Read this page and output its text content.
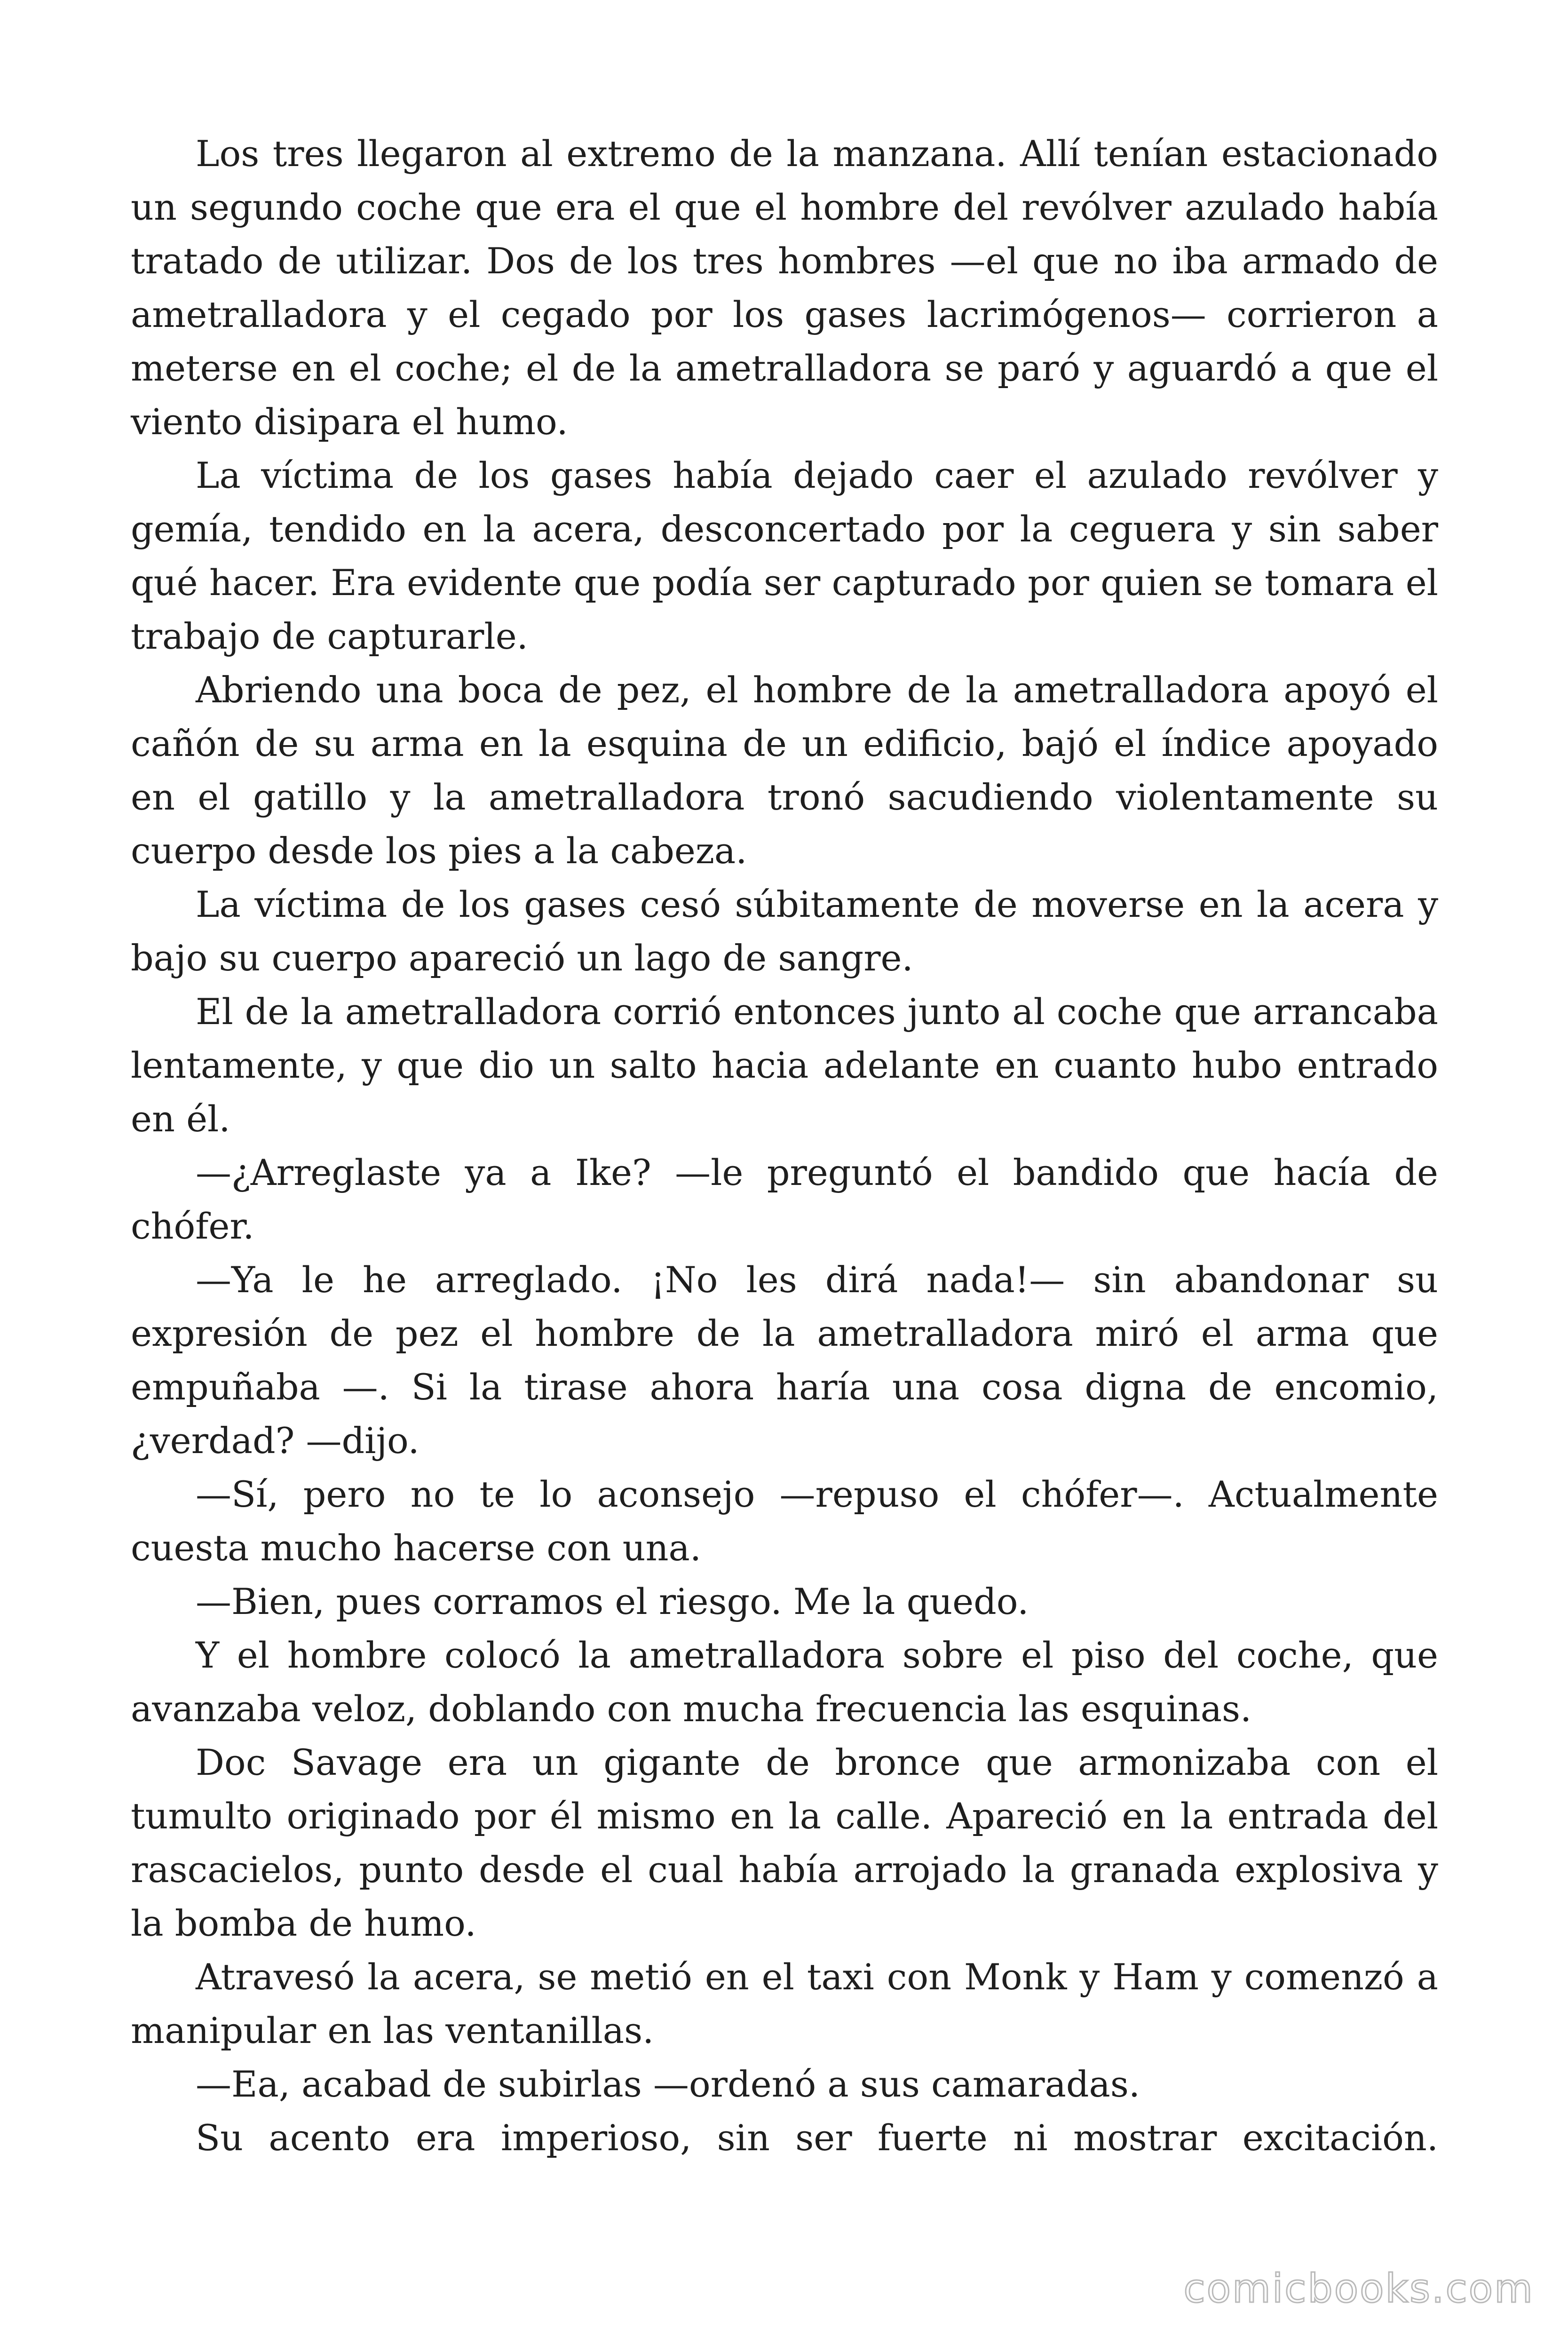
Los tres llegaron al extremo de la manzana. Allí tenían estacionado un segundo coche que era el que el hombre del revólver azulado había tratado de utilizar. Dos de los tres hombres —el que no iba armado de ametralladora y el cegado por los gases lacrimógenos— corrieron a meterse en el coche; el de la ametralladora se paró y aguardó a que el viento disipara el humo.

La víctima de los gases había dejado caer el azulado revólver y gemía, tendido en la acera, desconcertado por la ceguera y sin saber qué hacer. Era evidente que podía ser capturado por quien se tomara el trabajo de capturarle.

Abriendo una boca de pez, el hombre de la ametralladora apoyó el cañón de su arma en la esquina de un edificio, bajó el índice apoyado en el gatillo y la ametralladora tronó sacudiendo violentamente su cuerpo desde los pies a la cabeza.

La víctima de los gases cesó súbitamente de moverse en la acera y bajo su cuerpo apareció un lago de sangre.

El de la ametralladora corrió entonces junto al coche que arrancaba lentamente, y que dio un salto hacia adelante en cuanto hubo entrado en él.

—¿Arreglaste ya a Ike? —le preguntó el bandido que hacía de chófer.

—Ya le he arreglado. ¡No les dirá nada!— sin abandonar su expresión de pez el hombre de la ametralladora miró el arma que empuñaba —. Si la tirase ahora haría una cosa digna de encomio, ¿verdad? —dijo.

—Sí, pero no te lo aconsejo —repuso el chófer—. Actualmente cuesta mucho hacerse con una.

—Bien, pues corramos el riesgo. Me la quedo.

Y el hombre colocó la ametralladora sobre el piso del coche, que avanzaba veloz, doblando con mucha frecuencia las esquinas.

Doc Savage era un gigante de bronce que armonizaba con el tumulto originado por él mismo en la calle. Apareció en la entrada del rascacielos, punto desde el cual había arrojado la granada explosiva y la bomba de humo.

Atravesó la acera, se metió en el taxi con Monk y Ham y comenzó a manipular en las ventanillas.

—Ea, acabad de subirlas —ordenó a sus camaradas.

Su acento era imperioso, sin ser fuerte ni mostrar excitación.

comicbooks.com
